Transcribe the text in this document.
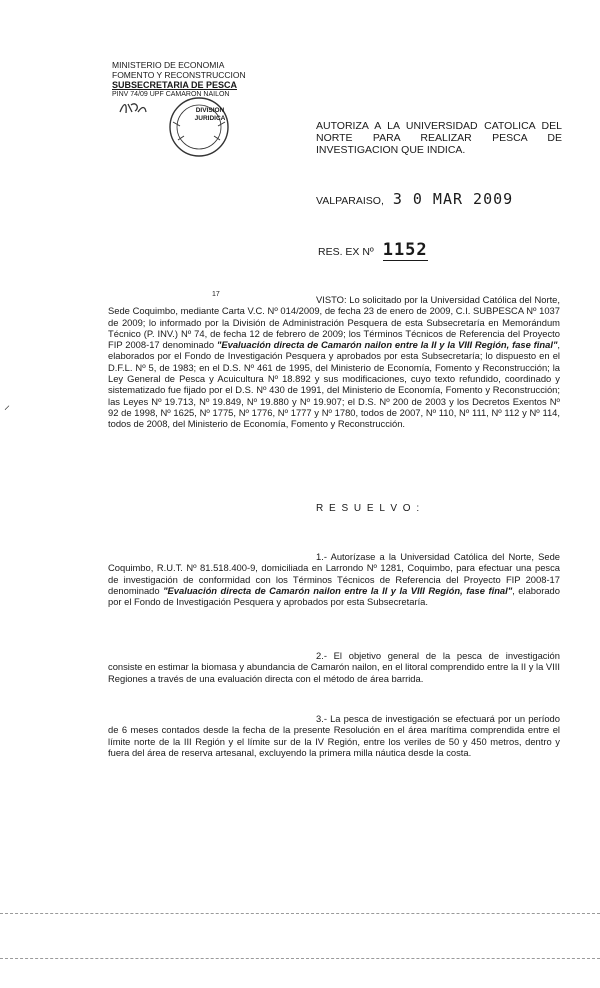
MINISTERIO DE ECONOMIA
FOMENTO Y RECONSTRUCCION
SUBSECRETARIA DE PESCA
PINV 74/09 UPF CAMARON NAILON
DIVISION JURIDICA
AUTORIZA A LA UNIVERSIDAD CATOLICA DEL NORTE PARA REALIZAR PESCA DE INVESTIGACION QUE INDICA.
VALPARAISO, 3 0 MAR 2009
RES. EX Nº 1152
17
⸝
VISTO: Lo solicitado por la Universidad Católica del Norte, Sede Coquimbo, mediante Carta V.C. Nº 014/2009, de fecha 23 de enero de 2009, C.I. SUBPESCA Nº 1037 de 2009; lo informado por la División de Administración Pesquera de esta Subsecretaría en Memorándum Técnico (P. INV.) Nº 74, de fecha 12 de febrero de 2009; los Términos Técnicos de Referencia del Proyecto FIP 2008-17 denominado "Evaluación directa de Camarón nailon entre la II y la VIII Región, fase final", elaborados por el Fondo de Investigación Pesquera y aprobados por esta Subsecretaría; lo dispuesto en el D.F.L. Nº 5, de 1983; en el D.S. Nº 461 de 1995, del Ministerio de Economía, Fomento y Reconstrucción; la Ley General de Pesca y Acuicultura Nº 18.892 y sus modificaciones, cuyo texto refundido, coordinado y sistematizado fue fijado por el D.S. Nº 430 de 1991, del Ministerio de Economía, Fomento y Reconstrucción; las Leyes Nº 19.713, Nº 19.849, Nº 19.880 y Nº 19.907; el D.S. Nº 200 de 2003 y los Decretos Exentos Nº 92 de 1998, Nº 1625, Nº 1775, Nº 1776, Nº 1777 y Nº 1780, todos de 2007, Nº 110, Nº 111, Nº 112 y Nº 114, todos de 2008, del Ministerio de Economía, Fomento y Reconstrucción.
R E S U E L V O :
1.- Autorízase a la Universidad Católica del Norte, Sede Coquimbo, R.U.T. Nº 81.518.400-9, domiciliada en Larrondo Nº 1281, Coquimbo, para efectuar una pesca de investigación de conformidad con los Términos Técnicos de Referencia del Proyecto FIP 2008-17 denominado "Evaluación directa de Camarón nailon entre la II y la VIII Región, fase final", elaborado por el Fondo de Investigación Pesquera y aprobados por esta Subsecretaría.
2.- El objetivo general de la pesca de investigación consiste en estimar la biomasa y abundancia de Camarón nailon, en el litoral comprendido entre la II y la VIII Regiones a través de una evaluación directa con el método de área barrida.
3.- La pesca de investigación se efectuará por un período de 6 meses contados desde la fecha de la presente Resolución en el área marítima comprendida entre el límite norte de la III Región y el límite sur de la IV Región, entre los veriles de 50 y 450 metros, dentro y fuera del área de reserva artesanal, excluyendo la primera milla náutica desde la costa.
